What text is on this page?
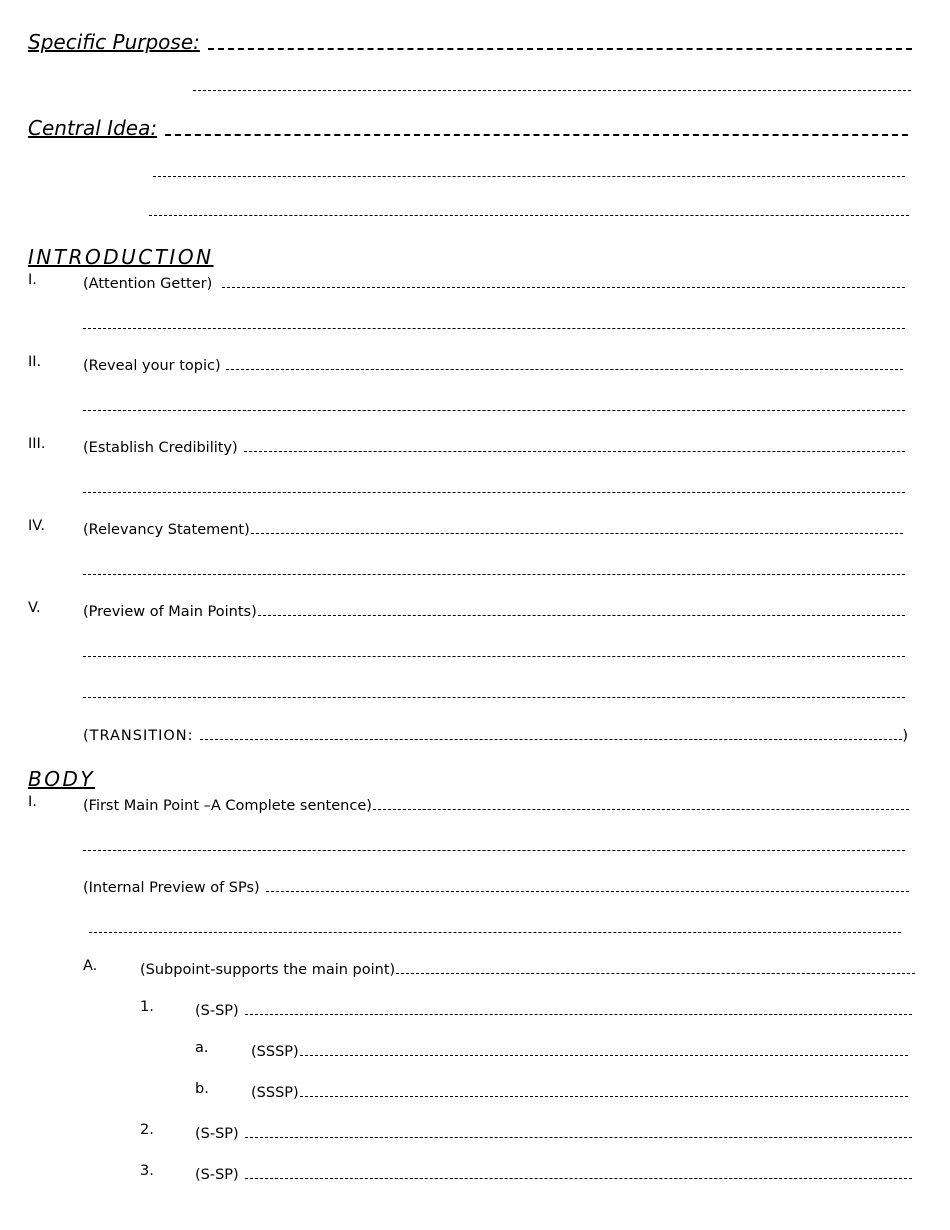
Specific Purpose:
Central Idea:
INTRODUCTION
I.	(Attention Getter)
II.	(Reveal your topic)
III.	(Establish Credibility)
IV.	(Relevancy Statement)
V.	(Preview of Main Points)
(TRANSITION:	)
BODY
I.	(First Main Point –A Complete sentence)
(Internal Preview of SPs)
A.	(Subpoint-supports the main point)
1.	(S-SP)
a.	(SSSP)
b.	(SSSP)
2.	(S-SP)
3.	(S-SP)
